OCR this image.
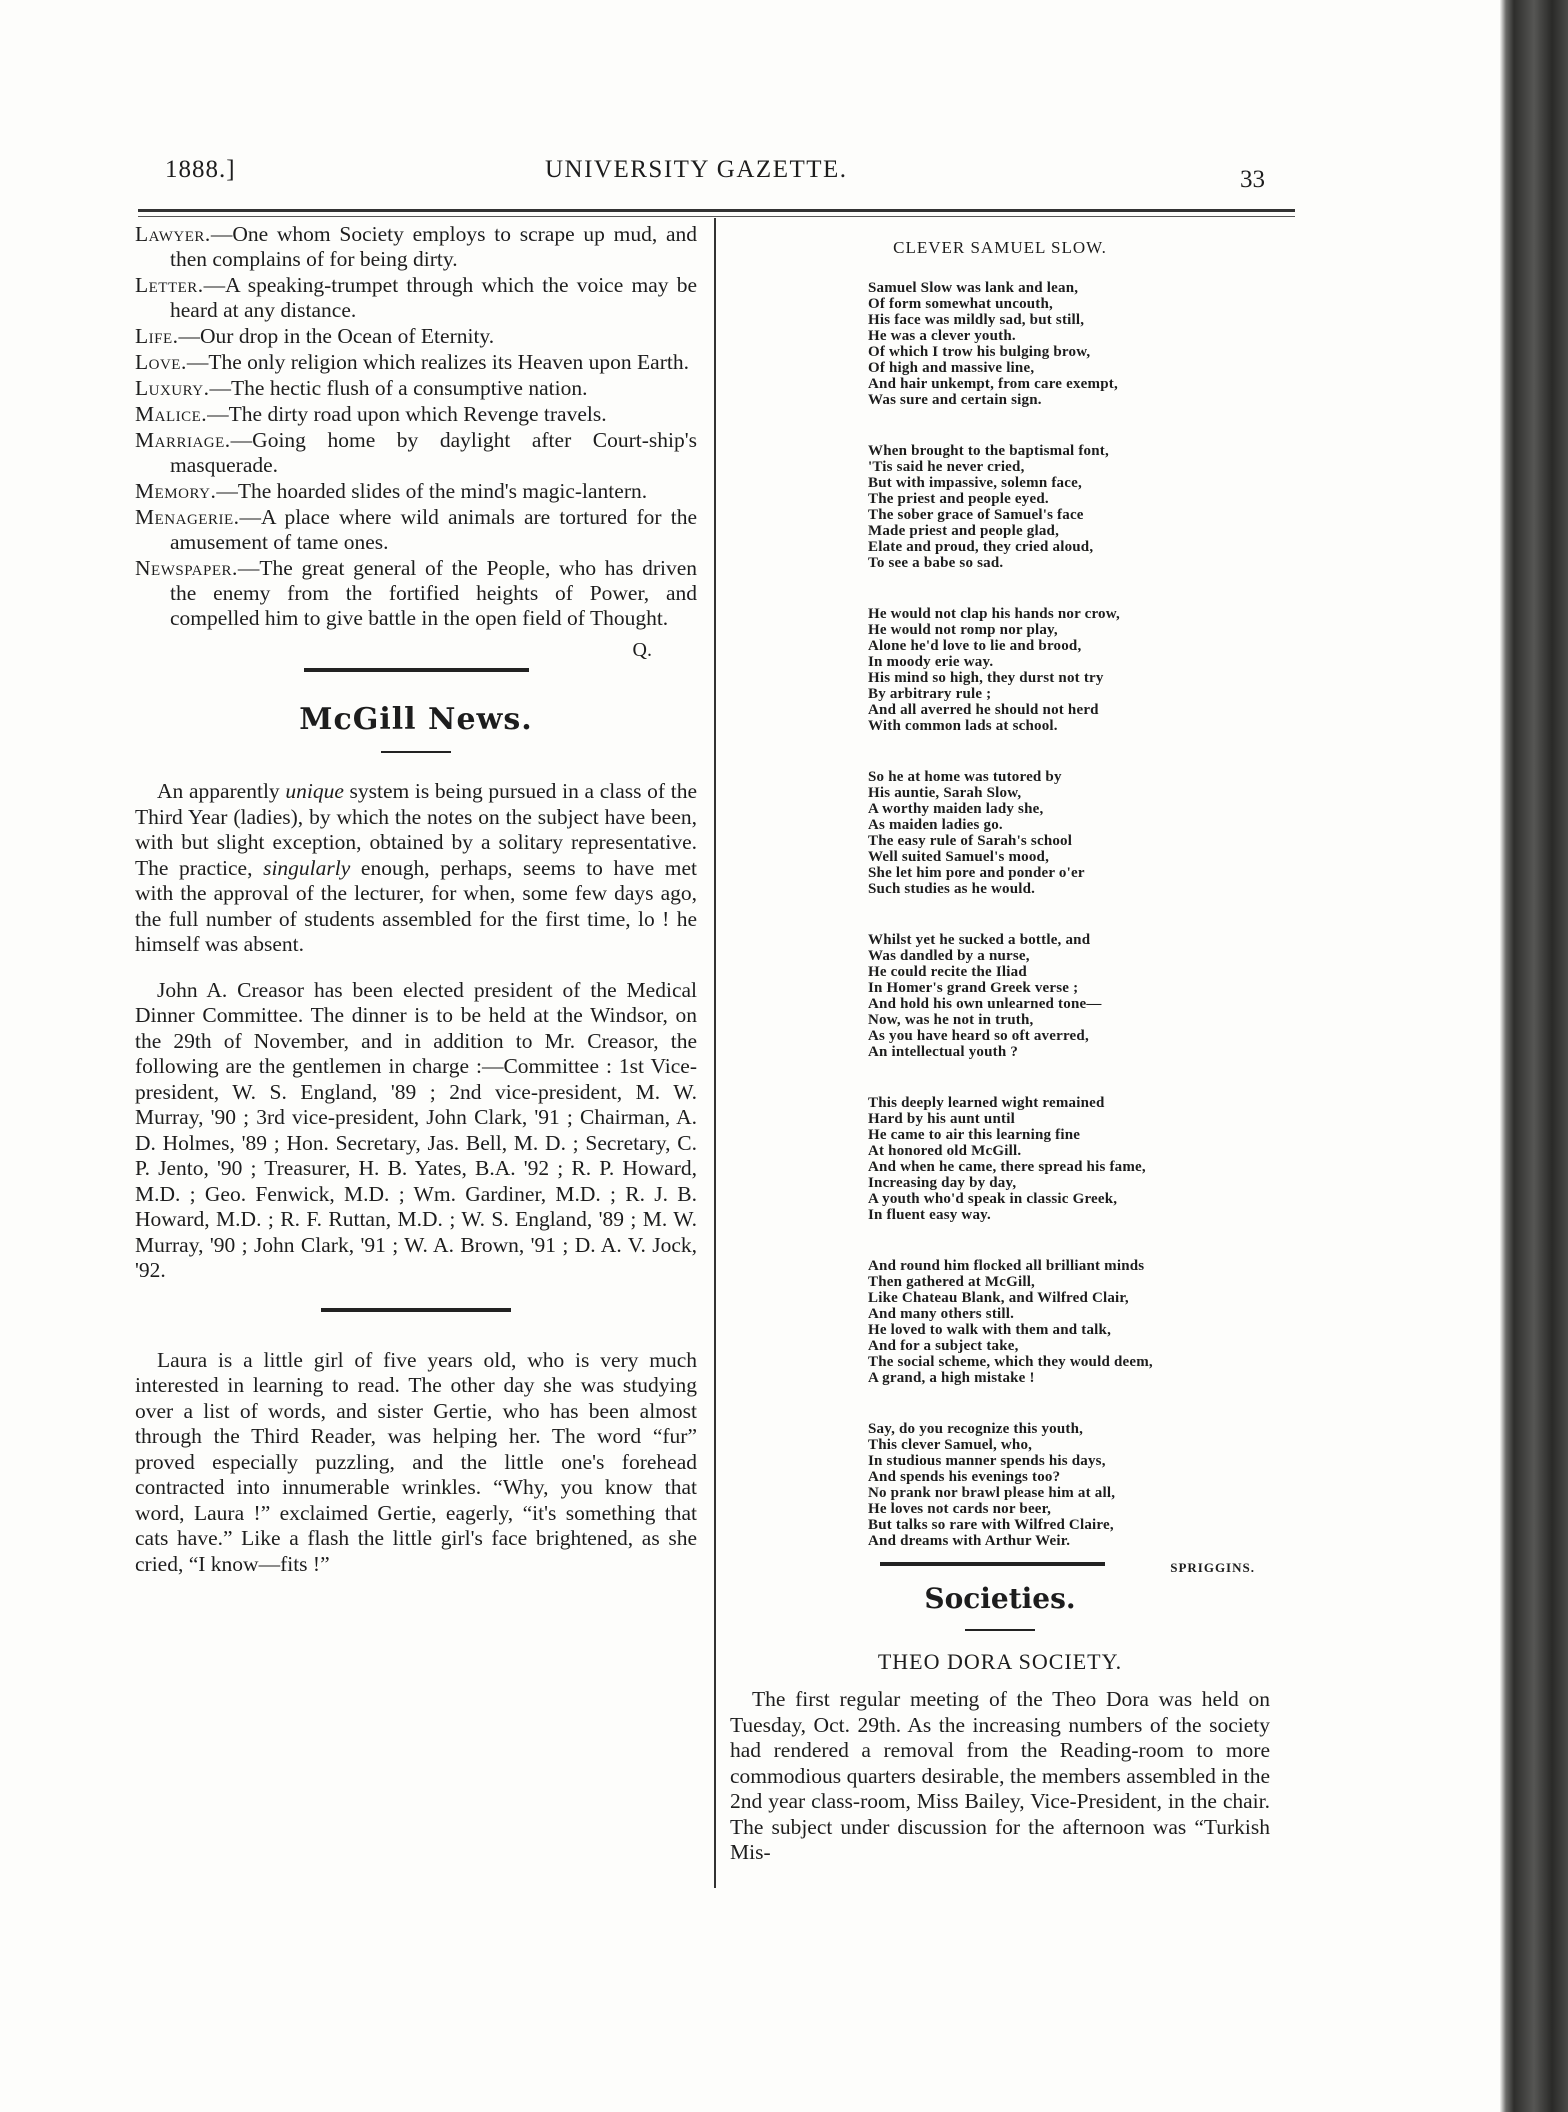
1888.]	UNIVERSITY GAZETTE.	33

Lawyer.—One whom Society employs to scrape up mud, and then complains of for being dirty.

Letter.—A speaking-trumpet through which the voice may be heard at any distance.

Life.—Our drop in the Ocean of Eternity.

Love.—The only religion which realizes its Heaven upon Earth.

Luxury.—The hectic flush of a consumptive nation.

Malice.—The dirty road upon which Revenge travels.

Marriage.—Going home by daylight after Court-ship's masquerade.

Memory.—The hoarded slides of the mind's magic-lantern.

Menagerie.—A place where wild animals are tortured for the amusement of tame ones.

Newspaper.—The great general of the People, who has driven the enemy from the fortified heights of Power, and compelled him to give battle in the open field of Thought.

Q.
McGill News.

An apparently unique system is being pursued in a class of the Third Year (ladies), by which the notes on the subject have been, with but slight exception, obtained by a solitary representative. The practice, singularly enough, perhaps, seems to have met with the approval of the lecturer, for when, some few days ago, the full number of students assembled for the first time, lo ! he himself was absent.

John A. Creasor has been elected president of the Medical Dinner Committee. The dinner is to be held at the Windsor, on the 29th of November, and in addition to Mr. Creasor, the following are the gentlemen in charge :—Committee : 1st Vice-president, W. S. England, '89 ; 2nd vice-president, M. W. Murray, '90 ; 3rd vice-president, John Clark, '91 ; Chairman, A. D. Holmes, '89 ; Hon. Secretary, Jas. Bell, M. D. ; Secretary, C. P. Jento, '90 ; Treasurer, H. B. Yates, B.A. '92 ; R. P. Howard, M.D. ; Geo. Fenwick, M.D. ; Wm. Gardiner, M.D. ; R. J. B. Howard, M.D. ; R. F. Ruttan, M.D. ; W. S. England, '89 ; M. W. Murray, '90 ; John Clark, '91 ; W. A. Brown, '91 ; D. A. V. Jock, '92.

Laura is a little girl of five years old, who is very much interested in learning to read. The other day she was studying over a list of words, and sister Gertie, who has been almost through the Third Reader, was helping her. The word “fur” proved especially puzzling, and the little one's forehead contracted into innumerable wrinkles. “Why, you know that word, Laura !” exclaimed Gertie, eagerly, “it's something that cats have.” Like a flash the little girl's face brightened, as she cried, “I know—fits !”

CLEVER SAMUEL SLOW.
Samuel Slow was lank and lean,
Of form somewhat uncouth,
His face was mildly sad, but still,
He was a clever youth.
Of which I trow his bulging brow,
Of high and massive line,
And hair unkempt, from care exempt,
Was sure and certain sign.
When brought to the baptismal font,
'Tis said he never cried,
But with impassive, solemn face,
The priest and people eyed.
The sober grace of Samuel's face
Made priest and people glad,
Elate and proud, they cried aloud,
To see a babe so sad.
He would not clap his hands nor crow,
He would not romp nor play,
Alone he'd love to lie and brood,
In moody erie way.
His mind so high, they durst not try
By arbitrary rule ;
And all averred he should not herd
With common lads at school.
So he at home was tutored by
His auntie, Sarah Slow,
A worthy maiden lady she,
As maiden ladies go.
The easy rule of Sarah's school
Well suited Samuel's mood,
She let him pore and ponder o'er
Such studies as he would.
Whilst yet he sucked a bottle, and
Was dandled by a nurse,
He could recite the Iliad
In Homer's grand Greek verse ;
And hold his own unlearned tone—
Now, was he not in truth,
As you have heard so oft averred,
An intellectual youth ?
This deeply learned wight remained
Hard by his aunt until
He came to air this learning fine
At honored old McGill.
And when he came, there spread his fame,
Increasing day by day,
A youth who'd speak in classic Greek,
In fluent easy way.
And round him flocked all brilliant minds
Then gathered at McGill,
Like Chateau Blank, and Wilfred Clair,
And many others still.
He loved to walk with them and talk,
And for a subject take,
The social scheme, which they would deem,
A grand, a high mistake !
Say, do you recognize this youth,
This clever Samuel, who,
In studious manner spends his days,
And spends his evenings too?
No prank nor brawl please him at all,
He loves not cards nor beer,
But talks so rare with Wilfred Claire,
And dreams with Arthur Weir.
SPRIGGINS.
Societies.
THEO DORA SOCIETY.

The first regular meeting of the Theo Dora was held on Tuesday, Oct. 29th. As the increasing numbers of the society had rendered a removal from the Reading-room to more commodious quarters desirable, the members assembled in the 2nd year class-room, Miss Bailey, Vice-President, in the chair. The subject under discussion for the afternoon was “Turkish Mis-
